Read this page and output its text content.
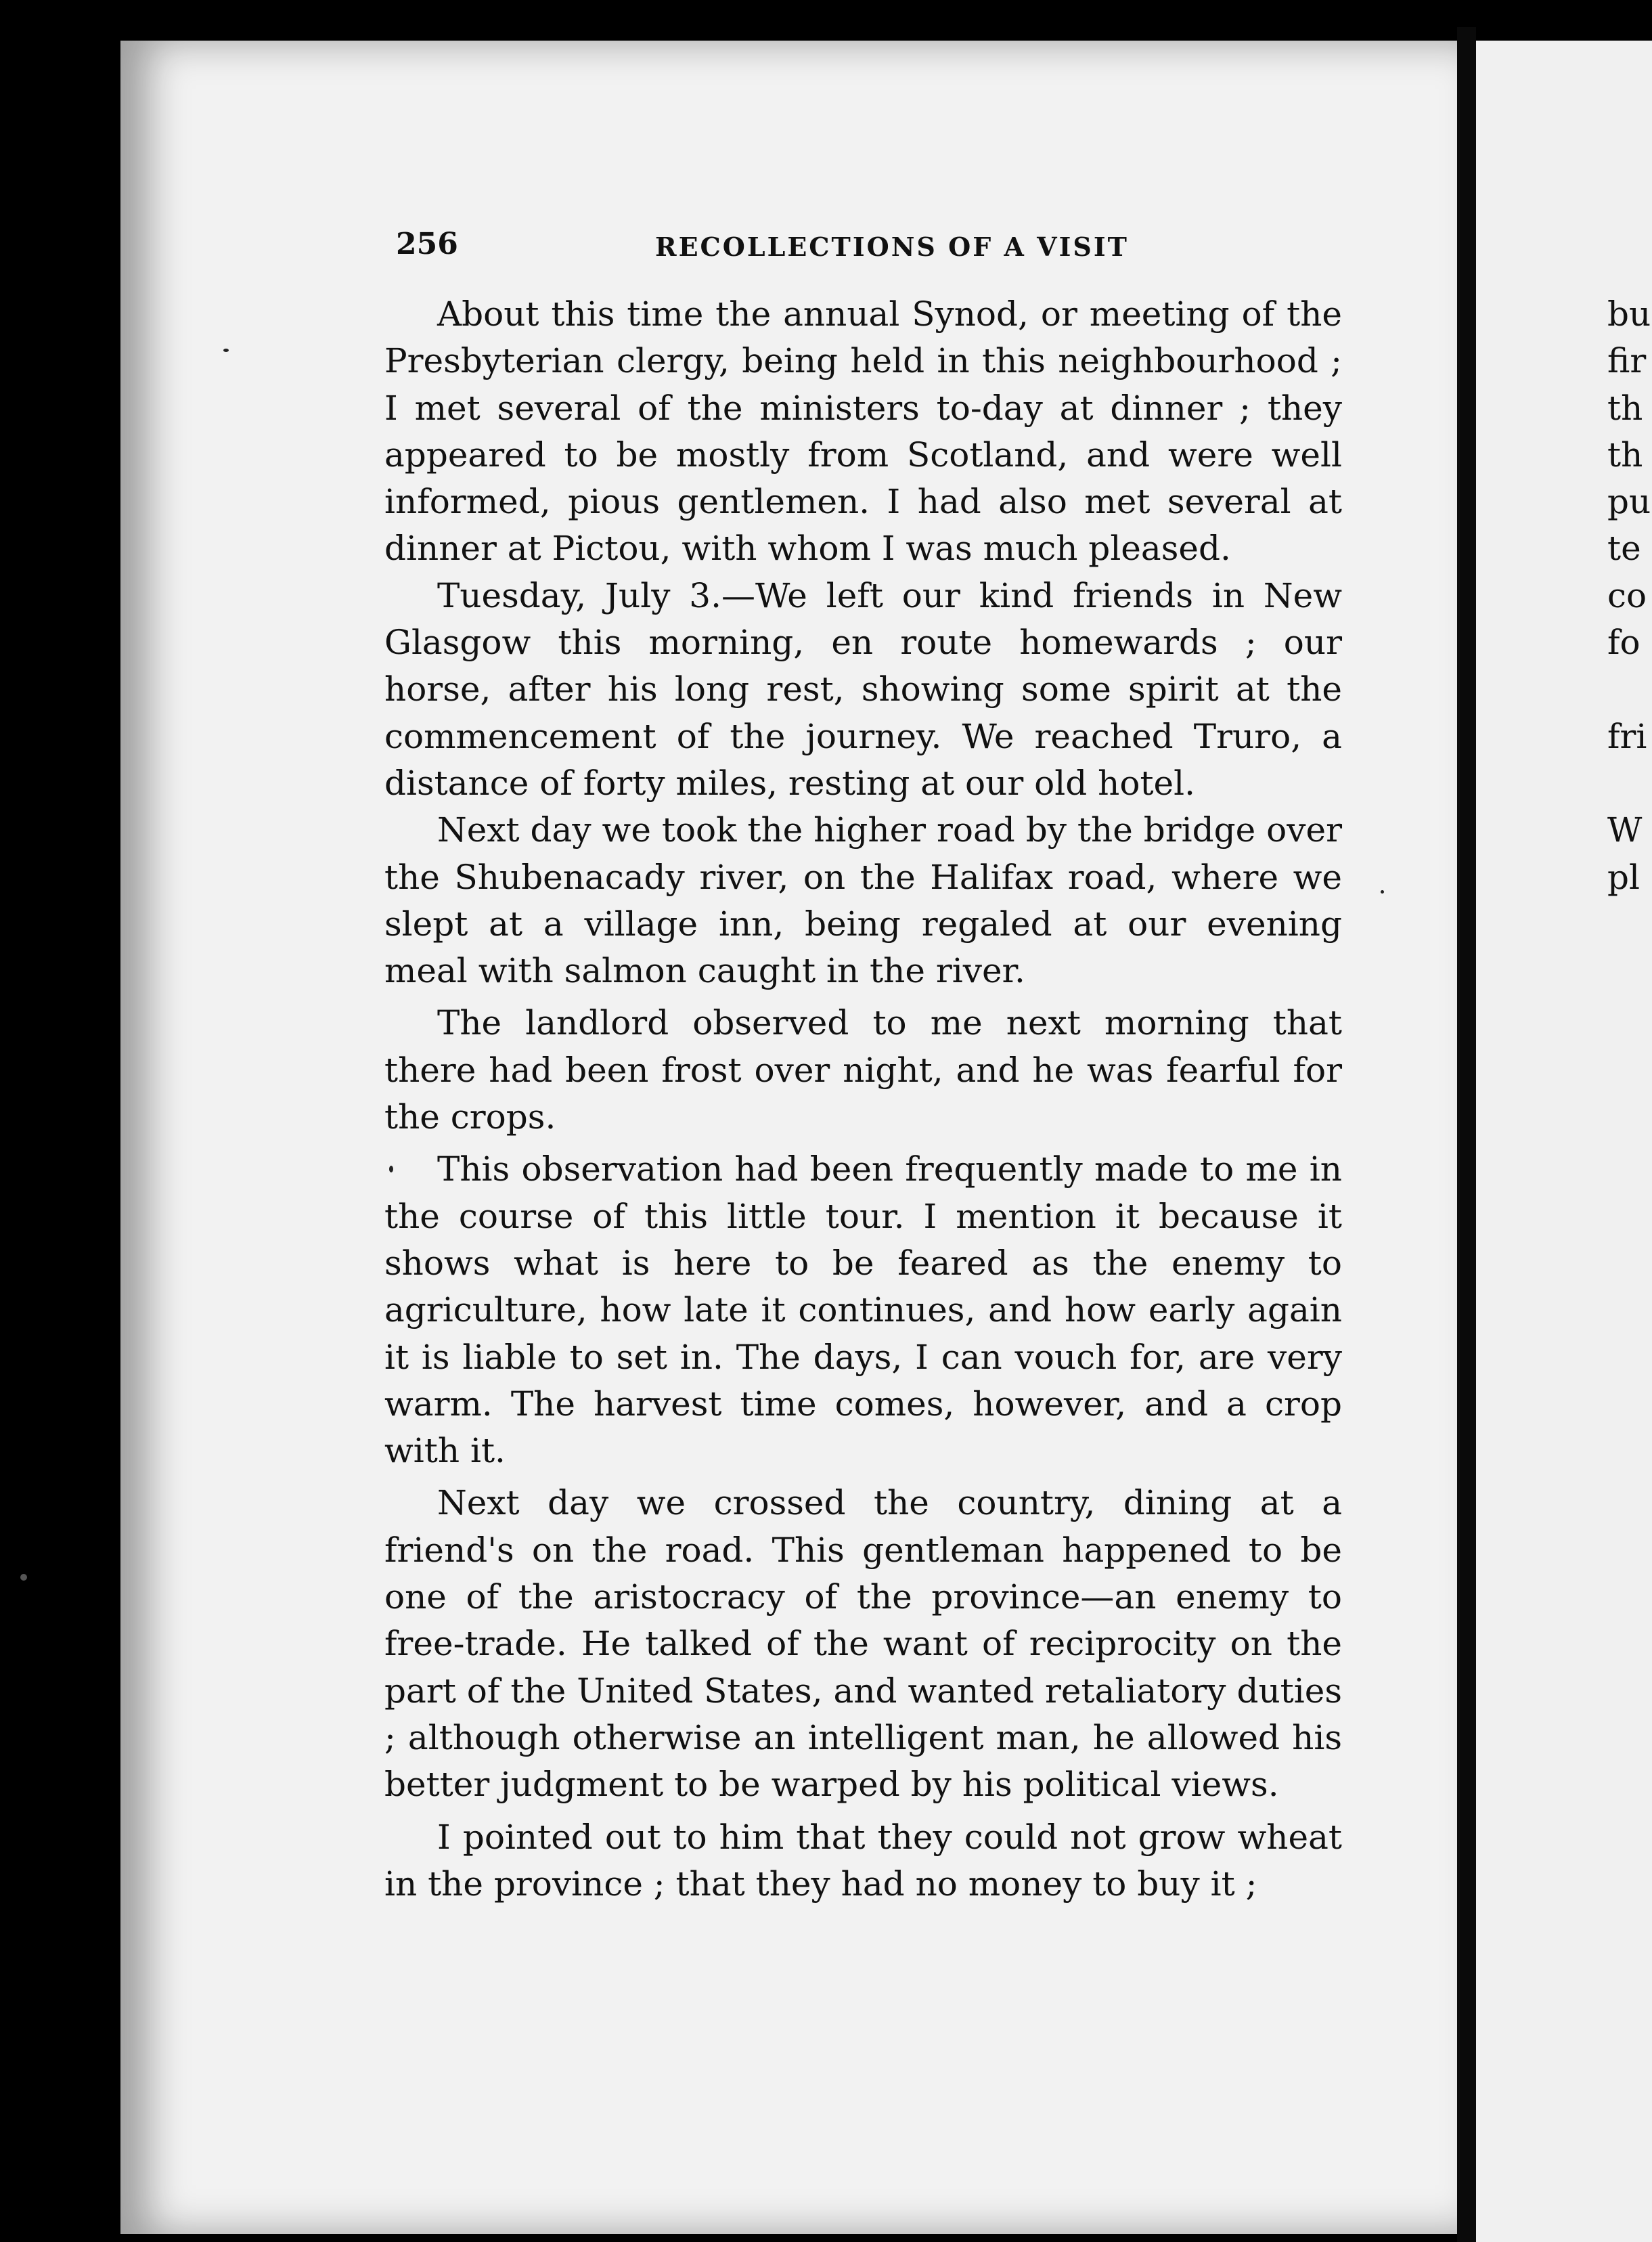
256	RECOLLECTIONS OF A VISIT

About this time the annual Synod, or meeting of the Presbyterian clergy, being held in this neighbourhood ; I met several of the ministers to-day at dinner ; they appeared to be mostly from Scotland, and were well informed, pious gentlemen. I had also met several at dinner at Pictou, with whom I was much pleased.

Tuesday, July 3.—We left our kind friends in New Glasgow this morning, en route homewards ; our horse, after his long rest, showing some spirit at the commencement of the journey. We reached Truro, a distance of forty miles, resting at our old hotel.

Next day we took the higher road by the bridge over the Shubenacady river, on the Halifax road, where we slept at a village inn, being regaled at our evening meal with salmon caught in the river.

The landlord observed to me next morning that there had been frost over night, and he was fearful for the crops.

This observation had been frequently made to me in the course of this little tour. I mention it because it shows what is here to be feared as the enemy to agriculture, how late it continues, and how early again it is liable to set in. The days, I can vouch for, are very warm. The harvest time comes, however, and a crop with it.

Next day we crossed the country, dining at a friend's on the road. This gentleman happened to be one of the aristocracy of the province—an enemy to free-trade. He talked of the want of reciprocity on the part of the United States, and wanted retaliatory duties ; although otherwise an intelligent man, he allowed his better judgment to be warped by his political views.

I pointed out to him that they could not grow wheat in the province ; that they had no money to buy it ;

bu
fir
th
th
pu
te
co
fo
fri
W
pl
